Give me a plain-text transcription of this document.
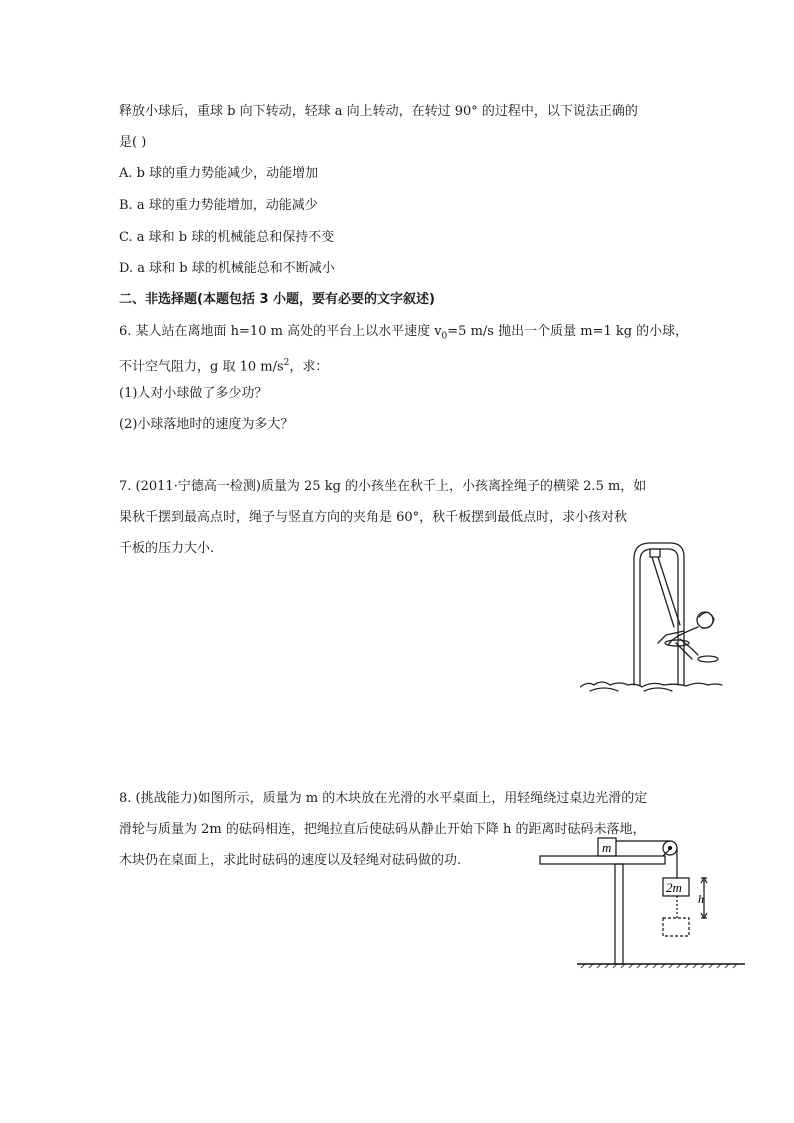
释放小球后，重球 b 向下转动，轻球 a 向上转动，在转过 90° 的过程中，以下说法正确的
是( )
A. b 球的重力势能减少，动能增加
B. a 球的重力势能增加，动能减少
C. a 球和 b 球的机械能总和保持不变
D. a 球和 b 球的机械能总和不断减小
二、非选择题(本题包括 3 小题，要有必要的文字叙述)
6. 某人站在离地面 h=10 m 高处的平台上以水平速度 $v_0=5$ m/s 抛出一个质量 m=1 kg 的小球，
不计空气阻力，g 取 10 $m/s^2$，求：
(1)人对小球做了多少功？
(2)小球落地时的速度为多大？
7. (2011·宁德高一检测)质量为 25 kg 的小孩坐在秋千上，小孩离拴绳子的横梁 2.5 m，如
果秋千摆到最高点时，绳子与竖直方向的夹角是 60°，秋千板摆到最低点时，求小孩对秋
千板的压力大小.
8. (挑战能力)如图所示，质量为 m 的木块放在光滑的水平桌面上，用轻绳绕过桌边光滑的定
滑轮与质量为 2m 的砝码相连，把绳拉直后使砝码从静止开始下降 h 的距离时砝码未落地，
木块仍在桌面上，求此时砝码的速度以及轻绳对砝码做的功.
m
2m
h
